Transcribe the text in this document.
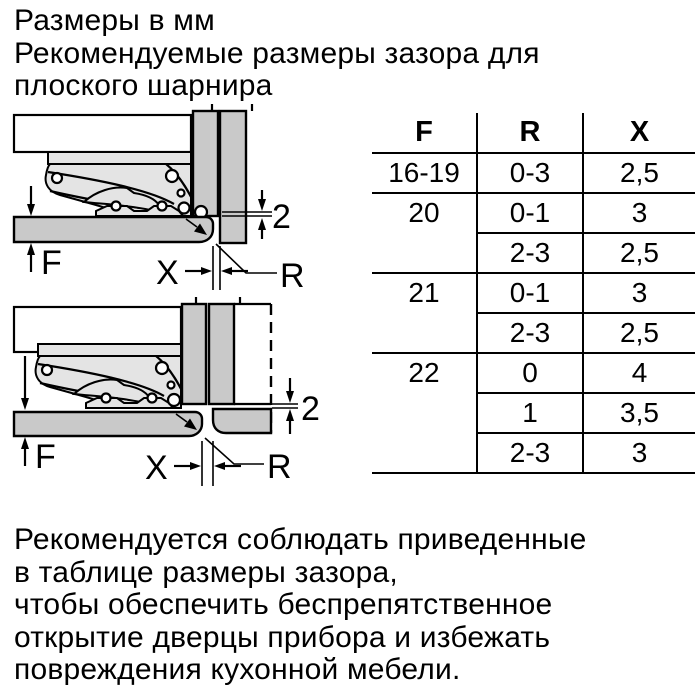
Размеры в мм
Рекомендуемые размеры зазора для
плоского шарнира
2
F	X	R
2
F	X	R
F	R	X
16-19	0-3	2,5
20	0-1	3
	2-3	2,5
21	0-1	3
	2-3	2,5
22	0	4
	1	3,5
	2-3	3
Рекомендуется соблюдать приведенные
в таблице размеры зазора,
чтобы обеспечить беспрепятственное
открытие дверцы прибора и избежать
повреждения кухонной мебели.
